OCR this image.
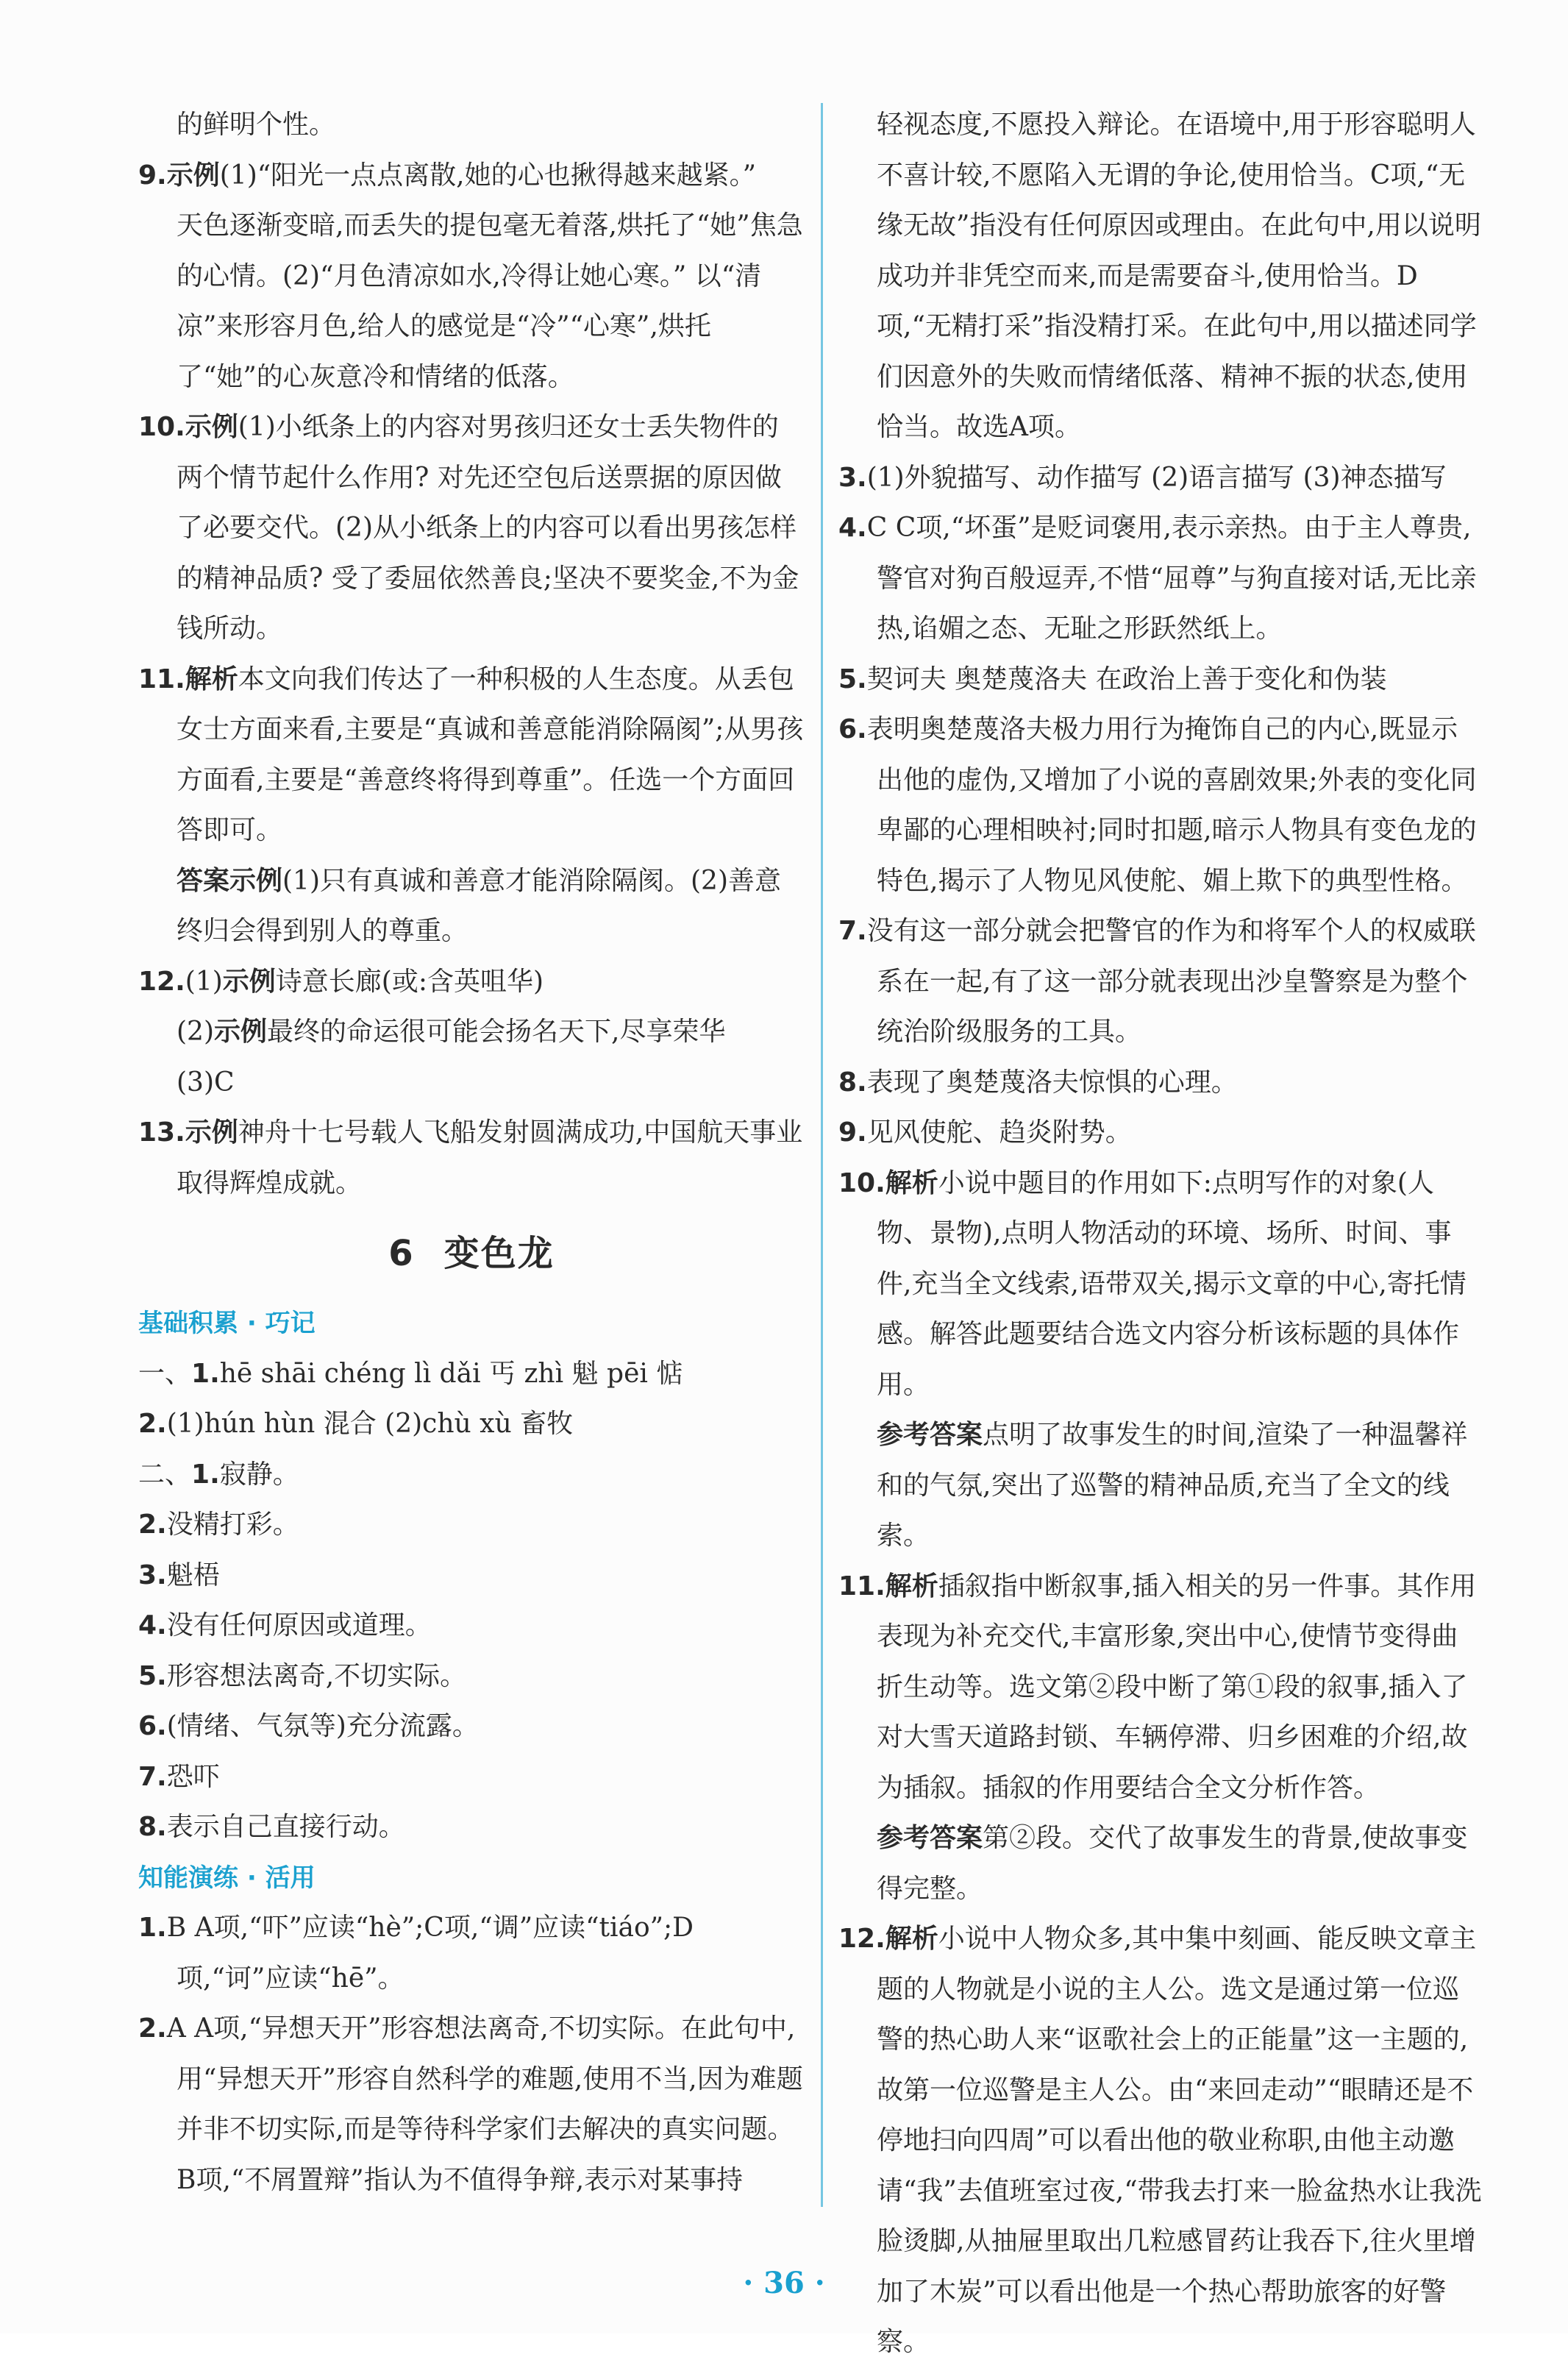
的鲜明个性。

9.示例(1)“阳光一点点离散,她的心也揪得越来越紧。”

天色逐渐变暗,而丢失的提包毫无着落,烘托了“她”焦急的心情。(2)“月色清凉如水,冷得让她心寒。” 以“清凉”来形容月色,给人的感觉是“冷”“心寒”,烘托了“她”的心灰意冷和情绪的低落。

10.示例(1)小纸条上的内容对男孩归还女士丢失物件的两个情节起什么作用? 对先还空包后送票据的原因做了必要交代。(2)从小纸条上的内容可以看出男孩怎样的精神品质? 受了委屈依然善良;坚决不要奖金,不为金钱所动。

11.解析本文向我们传达了一种积极的人生态度。从丢包女士方面来看,主要是“真诚和善意能消除隔阂”;从男孩方面看,主要是“善意终将得到尊重”。任选一个方面回答即可。

答案示例(1)只有真诚和善意才能消除隔阂。(2)善意终归会得到别人的尊重。

12.(1)示例诗意长廊(或:含英咀华)

(2)示例最终的命运很可能会扬名天下,尽享荣华

(3)C

13.示例神舟十七号载人飞船发射圆满成功,中国航天事业取得辉煌成就。

6 变色龙

基础积累 · 巧记

一、1.hē shāi chéng lì dǎi 丐 zhì 魁 pēi 惦

2.(1)hún hùn 混合 (2)chù xù 畜牧

二、1.寂静。

2.没精打彩。

3.魁梧

4.没有任何原因或道理。

5.形容想法离奇,不切实际。

6.(情绪、气氛等)充分流露。

7.恐吓

8.表示自己直接行动。

知能演练 · 活用

1.B A项,“吓”应读“hè”;C项,“调”应读“tiáo”;D项,“诃”应读“hē”。

2.A A项,“异想天开”形容想法离奇,不切实际。在此句中,用“异想天开”形容自然科学的难题,使用不当,因为难题并非不切实际,而是等待科学家们去解决的真实问题。B项,“不屑置辩”指认为不值得争辩,表示对某事持

轻视态度,不愿投入辩论。在语境中,用于形容聪明人不喜计较,不愿陷入无谓的争论,使用恰当。C项,“无缘无故”指没有任何原因或理由。在此句中,用以说明成功并非凭空而来,而是需要奋斗,使用恰当。D项,“无精打采”指没精打采。在此句中,用以描述同学们因意外的失败而情绪低落、精神不振的状态,使用恰当。故选A项。

3.(1)外貌描写、动作描写 (2)语言描写 (3)神态描写

4.C C项,“坏蛋”是贬词褒用,表示亲热。由于主人尊贵,警官对狗百般逗弄,不惜“屈尊”与狗直接对话,无比亲热,谄媚之态、无耻之形跃然纸上。

5.契诃夫 奥楚蔑洛夫 在政治上善于变化和伪装

6.表明奥楚蔑洛夫极力用行为掩饰自己的内心,既显示出他的虚伪,又增加了小说的喜剧效果;外表的变化同卑鄙的心理相映衬;同时扣题,暗示人物具有变色龙的特色,揭示了人物见风使舵、媚上欺下的典型性格。

7.没有这一部分就会把警官的作为和将军个人的权威联系在一起,有了这一部分就表现出沙皇警察是为整个统治阶级服务的工具。

8.表现了奥楚蔑洛夫惊惧的心理。

9.见风使舵、趋炎附势。

10.解析小说中题目的作用如下:点明写作的对象(人物、景物),点明人物活动的环境、场所、时间、事件,充当全文线索,语带双关,揭示文章的中心,寄托情感。解答此题要结合选文内容分析该标题的具体作用。

参考答案点明了故事发生的时间,渲染了一种温馨祥和的气氛,突出了巡警的精神品质,充当了全文的线索。

11.解析插叙指中断叙事,插入相关的另一件事。其作用表现为补充交代,丰富形象,突出中心,使情节变得曲折生动等。选文第②段中断了第①段的叙事,插入了对大雪天道路封锁、车辆停滞、归乡困难的介绍,故为插叙。插叙的作用要结合全文分析作答。

参考答案第②段。交代了故事发生的背景,使故事变得完整。

12.解析小说中人物众多,其中集中刻画、能反映文章主题的人物就是小说的主人公。选文是通过第一位巡警的热心助人来“讴歌社会上的正能量”这一主题的,故第一位巡警是主人公。由“来回走动”“眼睛还是不停地扫向四周”可以看出他的敬业称职,由他主动邀请“我”去值班室过夜,“带我去打来一脸盆热水让我洗脸烫脚,从抽屉里取出几粒感冒药让我吞下,往火里增加了木炭”可以看出他是一个热心帮助旅客的好警察。

· 36 ·
